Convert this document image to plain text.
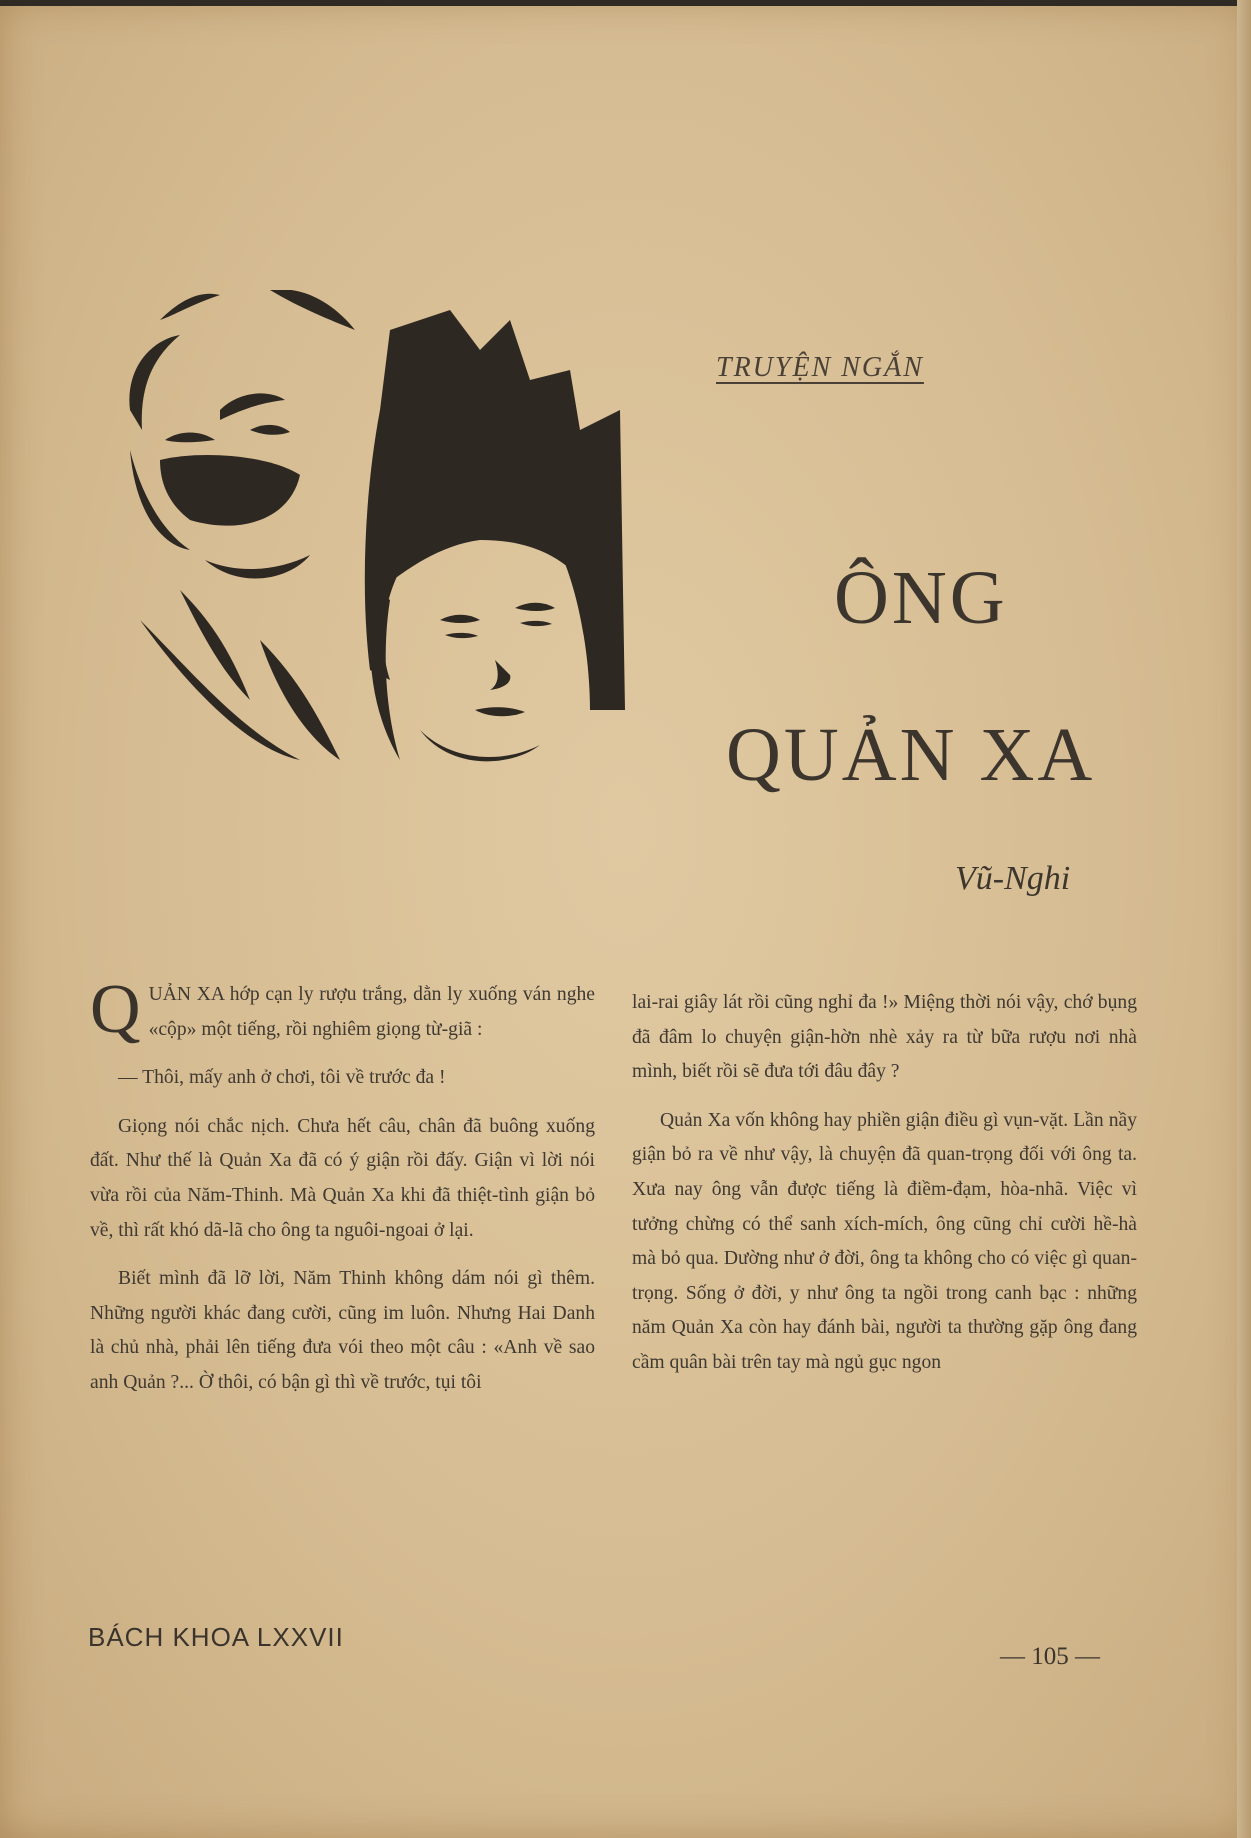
TRUYỆN NGẮN
ÔNG
QUẢN XA
Vũ-Nghi

QUẢN XA hớp cạn ly rượu trắng, dằn ly xuống ván nghe «cộp» một tiếng, rồi nghiêm giọng từ-giã :

— Thôi, mấy anh ở chơi, tôi về trước đa !

Giọng nói chắc nịch. Chưa hết câu, chân đã buông xuống đất. Như thế là Quản Xa đã có ý giận rồi đấy. Giận vì lời nói vừa rồi của Năm-Thinh. Mà Quản Xa khi đã thiệt-tình giận bỏ về, thì rất khó dã-lã cho ông ta nguôi-ngoai ở lại.

Biết mình đã lỡ lời, Năm Thinh không dám nói gì thêm. Những người khác đang cười, cũng im luôn. Nhưng Hai Danh là chủ nhà, phải lên tiếng đưa vói theo một câu : «Anh về sao anh Quản ?... Ờ thôi, có bận gì thì về trước, tụi tôi

lai-rai giây lát rồi cũng nghỉ đa !» Miệng thời nói vậy, chớ bụng đã đâm lo chuyện giận-hờn nhè xảy ra từ bữa rượu nơi nhà mình, biết rồi sẽ đưa tới đâu đây ?

Quản Xa vốn không hay phiền giận điều gì vụn-vặt. Lần nầy giận bỏ ra về như vậy, là chuyện đã quan-trọng đối với ông ta. Xưa nay ông vẫn được tiếng là điềm-đạm, hòa-nhã. Việc vì tưởng chừng có thể sanh xích-mích, ông cũng chỉ cười hề-hà mà bỏ qua. Dường như ở đời, ông ta không cho có việc gì quan-trọng. Sống ở đời, y như ông ta ngồi trong canh bạc : những năm Quản Xa còn hay đánh bài, người ta thường gặp ông đang cầm quân bài trên tay mà ngủ gục ngon

BÁCH KHOA LXXVII
— 105 —
